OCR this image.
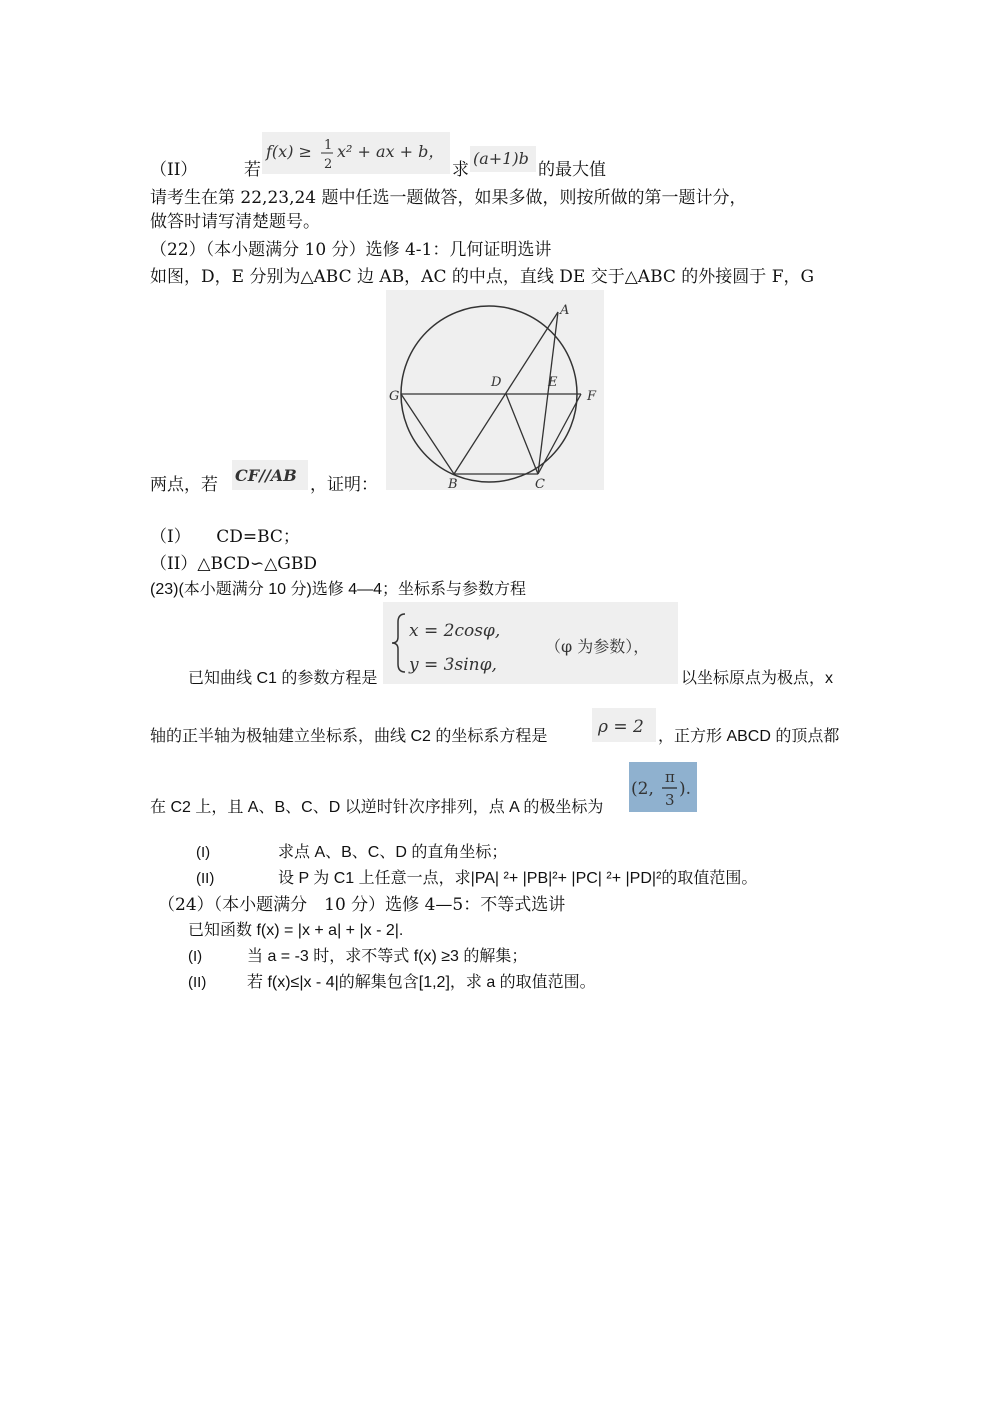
（II）	若
f(x) ≥ 1
2
x² + ax + b，
求
(a+1)b
的最大值
请考生在第 22,23,24 题中任选一题做答，如果多做，则按所做的第一题计分，
做答时请写清楚题号。
（22）（本小题满分 10 分）选修 4-1：几何证明选讲
如图，D，E 分别为△ABC 边 AB，AC 的中点，直线 DE 交于△ABC 的外接圆于 F，G
A
D	E
G	F
B	C
两点，若 CF//AB ，证明：
（I）　　CD=BC；
（II）△BCD∽△GBD
(23)(本小题满分 10 分)选修 4—4；坐标系与参数方程
x = 2cosφ,
y = 3sinφ,
（φ 为参数），
已知曲线 C1 的参数方程是	以坐标原点为极点，x
轴的正半轴为极轴建立坐标系，曲线 C2 的坐标系方程是	ρ = 2 ，正方形 ABCD 的顶点都
在 C2 上，且 A、B、C、D 以逆时针次序排列，点 A 的极坐标为
(2,
π
3
).
(I)	求点 A、B、C、D 的直角坐标；
(II)	设 P 为 C1 上任意一点，求|PA| ²+ |PB|²+ |PC| ²+ |PD|²的取值范围。
（24）（本小题满分　10 分）选修 4—5：不等式选讲
已知函数 f(x) = |x + a| + |x - 2|.
(I)	当 a = -3 时，求不等式 f(x) ≥3 的解集；
(II)	若 f(x)≤|x - 4|的解集包含[1,2]，求 a 的取值范围。
